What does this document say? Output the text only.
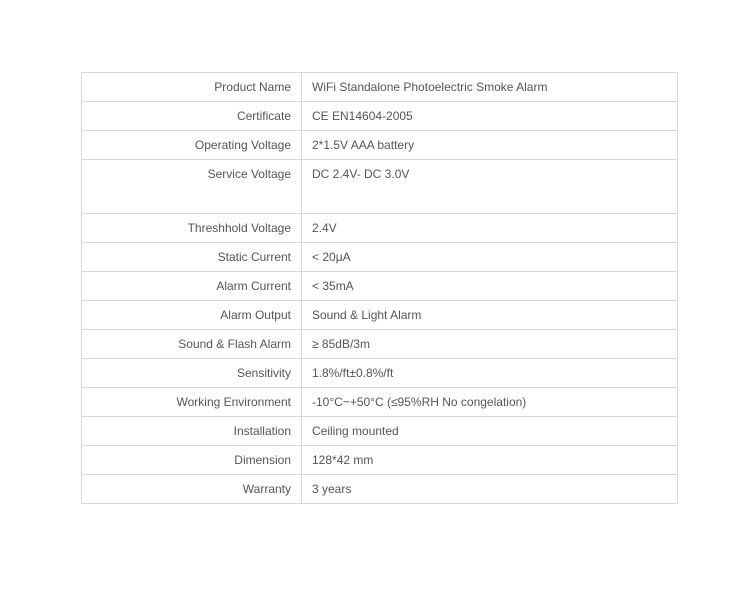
Product Name	WiFi Standalone Photoelectric Smoke Alarm
Certificate	CE EN14604-2005
Operating Voltage	2*1.5V AAA battery
Service Voltage	DC 2.4V- DC 3.0V
Threshhold Voltage	2.4V
Static Current	< 20μA
Alarm Current	< 35mA
Alarm Output	Sound & Light Alarm
Sound & Flash Alarm	≥ 85dB/3m
Sensitivity	1.8%/ft±0.8%/ft
Working Environment	-10°C~+50°C (≤95%RH No congelation)
Installation	Ceiling mounted
Dimension	128*42 mm
Warranty	3 years
